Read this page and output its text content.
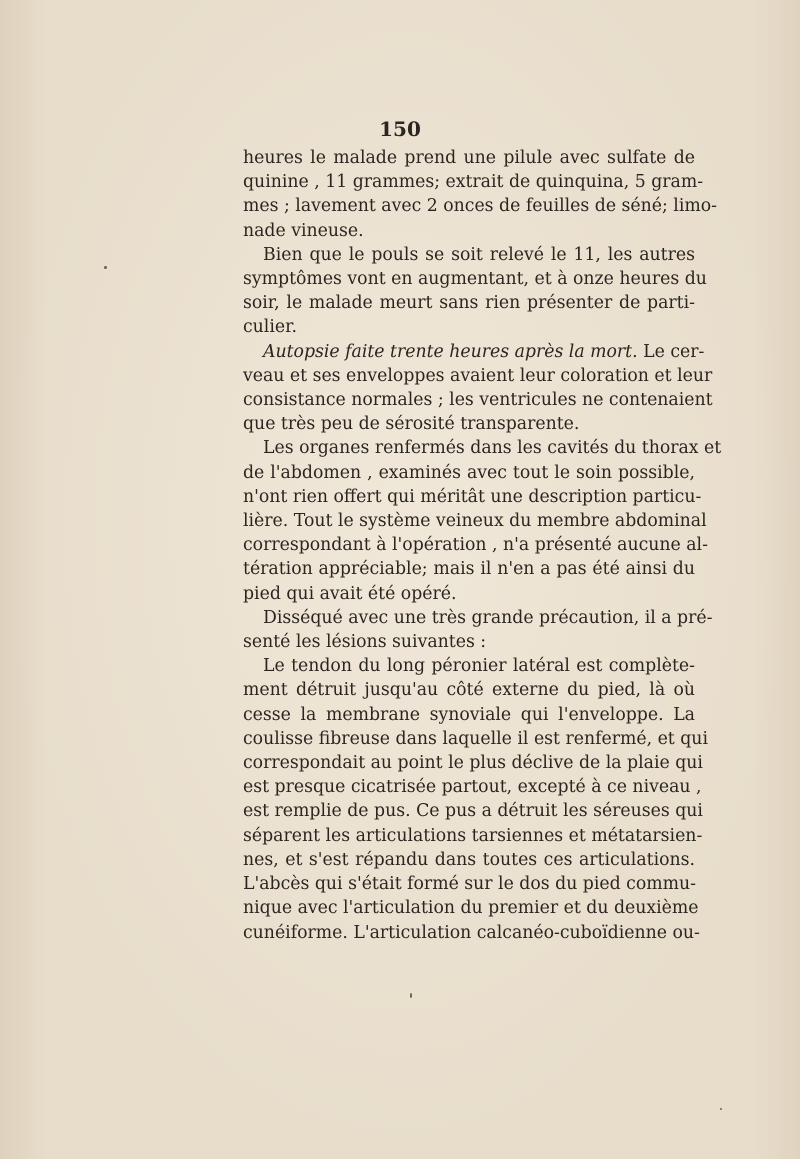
150
heures le malade prend une pilule avec sulfate de
quinine , 11 grammes; extrait de quinquina, 5 gram-
mes ; lavement avec 2 onces de feuilles de séné; limo-
nade vineuse.
Bien que le pouls se soit relevé le 11, les autres
symptômes vont en augmentant, et à onze heures du
soir, le malade meurt sans rien présenter de parti-
culier.
Autopsie faite trente heures après la mort. Le cer-
veau et ses enveloppes avaient leur coloration et leur
consistance normales ; les ventricules ne contenaient
que très peu de sérosité transparente.
Les organes renfermés dans les cavités du thorax et
de l'abdomen , examinés avec tout le soin possible,
n'ont rien offert qui méritât une description particu-
lière. Tout le système veineux du membre abdominal
correspondant à l'opération , n'a présenté aucune al-
tération appréciable; mais il n'en a pas été ainsi du
pied qui avait été opéré.
Disséqué avec une très grande précaution, il a pré-
senté les lésions suivantes :
Le tendon du long péronier latéral est complète-
ment détruit jusqu'au côté externe du pied, là où
cesse la membrane synoviale qui l'enveloppe. La
coulisse fibreuse dans laquelle il est renfermé, et qui
correspondait au point le plus déclive de la plaie qui
est presque cicatrisée partout, excepté à ce niveau ,
est remplie de pus. Ce pus a détruit les séreuses qui
séparent les articulations tarsiennes et métatarsien-
nes, et s'est répandu dans toutes ces articulations.
L'abcès qui s'était formé sur le dos du pied commu-
nique avec l'articulation du premier et du deuxième
cunéiforme. L'articulation calcanéo-cuboïdienne ou-
